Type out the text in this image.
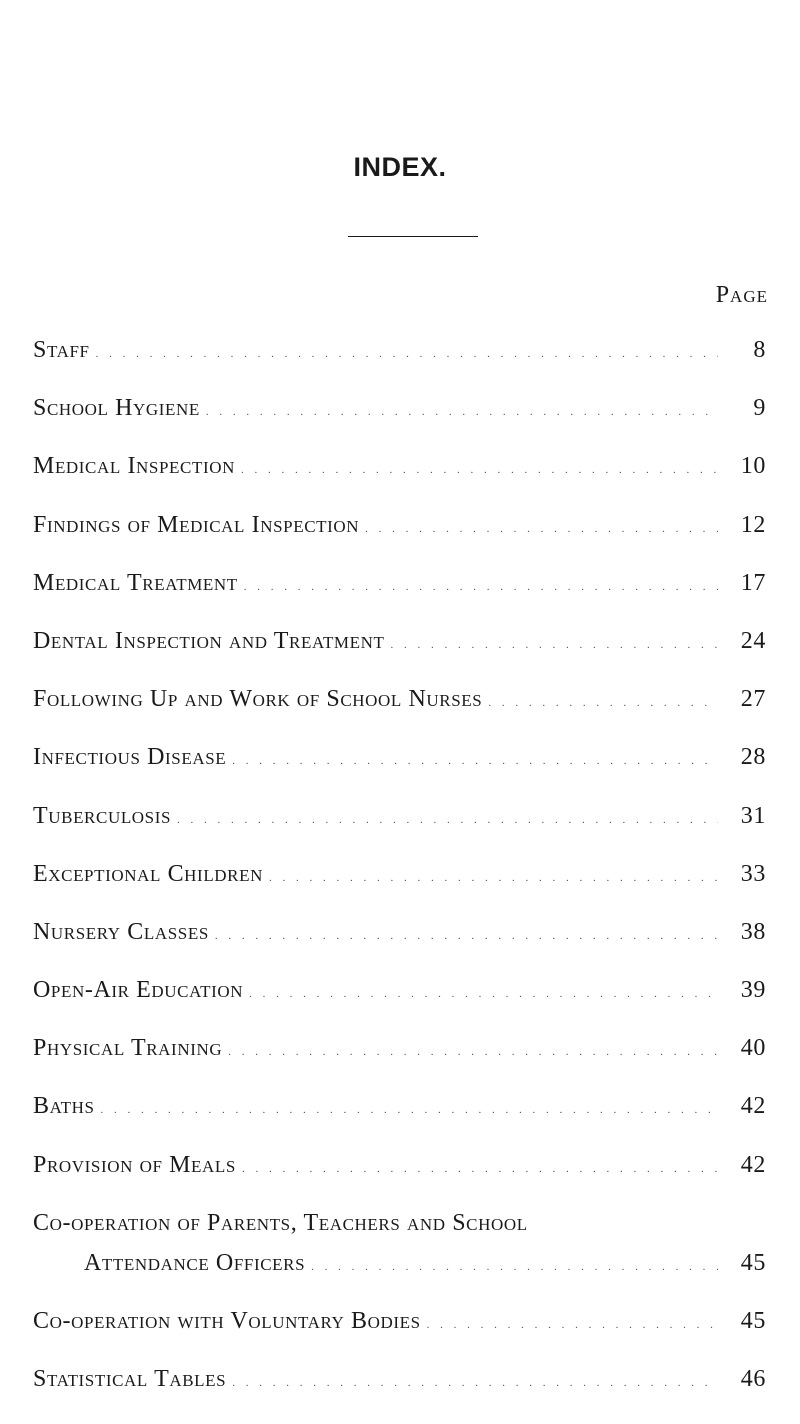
INDEX.
Page
Staff . . .	8
School Hygiene . . .	9
Medical Inspection . . .	10
Findings of Medical Inspection . . .	12
Medical Treatment . . .	17
Dental Inspection and Treatment . . .	24
Following Up and Work of School Nurses . . .	27
Infectious Disease . . .	28
Tuberculosis . . .	31
Exceptional Children . . .	33
Nursery Classes . . .	38
Open-Air Education . . .	39
Physical Training . . .	40
Baths . . .	42
Provision of Meals . . .	42
Co-operation of Parents, Teachers and School
Attendance Officers . . .	45
Co-operation with Voluntary Bodies . . .	45
Statistical Tables . . .	46
